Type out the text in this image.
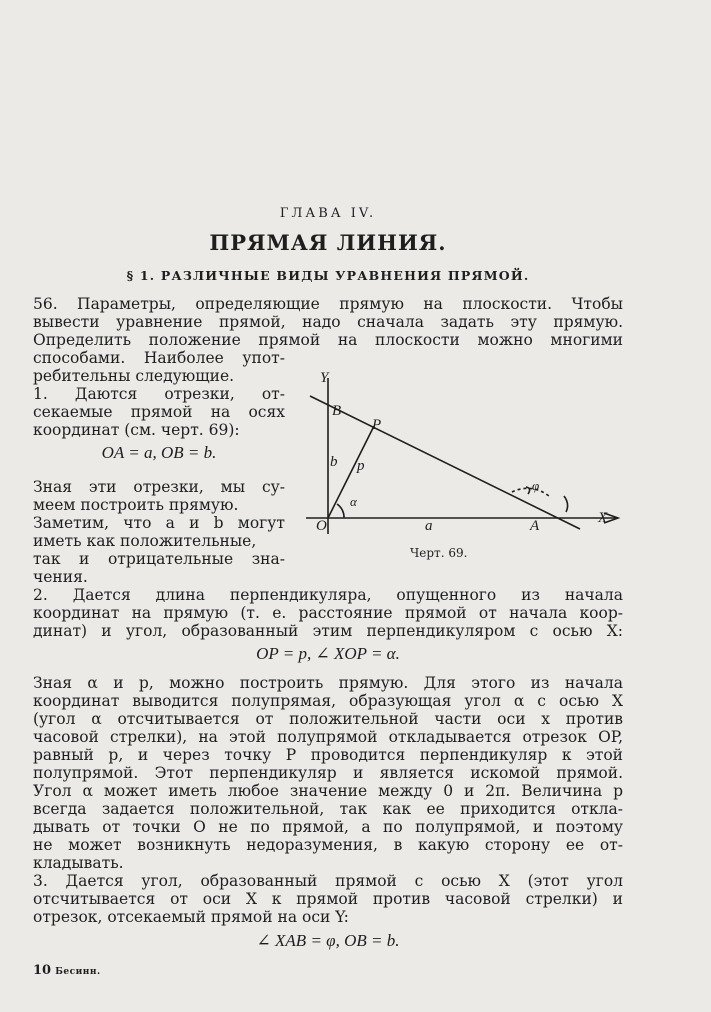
ГЛАВА IV.
ПРЯМАЯ ЛИНИЯ.
§ 1. РАЗЛИЧНЫЕ ВИДЫ УРАВНЕНИЯ ПРЯМОЙ.
56. Параметры, определяющие прямую на плоскости. Чтобы
вывести уравнение прямой, надо сначала задать эту прямую.
Определить положение прямой на плоскости можно многими
способами. Наиболее упот-
ребительны следующие.
1. Даются отрезки, от-
секаемые прямой на осях
координат (см. черт. 69):
OA = a, OB = b.
Зная эти отрезки, мы су-
меем построить прямую.
Заметим, что a и b могут
иметь как положительные,
так и отрицательные зна-
чения.
Y
B
P
b p
α
O	a	A	X
φ
Черт. 69.
2. Дается длина перпендикуляра, опущенного из начала
координат на прямую (т. е. расстояние прямой от начала коор-
динат) и угол, образованный этим перпендикуляром с осью X:
OP = p, ∠ XOP = α.
Зная α и p, можно построить прямую. Для этого из начала
координат выводится полупрямая, образующая угол α с осью X
(угол α отсчитывается от положительной части оси x против
часовой стрелки), на этой полупрямой откладывается отрезок OP,
равный p, и через точку P проводится перпендикуляр к этой
полупрямой. Этот перпендикуляр и является искомой прямой.
Угол α может иметь любое значение между 0 и 2π. Величина p
всегда задается положительной, так как ее приходится откла-
дывать от точки O не по прямой, а по полупрямой, и поэтому
не может возникнуть недоразумения, в какую сторону ее от-
кладывать.
3. Дается угол, образованный прямой с осью X (этот угол
отсчитывается от оси X к прямой против часовой стрелки) и
отрезок, отсекаемый прямой на оси Y:
∠ XAB = φ, OB = b.
10 Бесинн.
